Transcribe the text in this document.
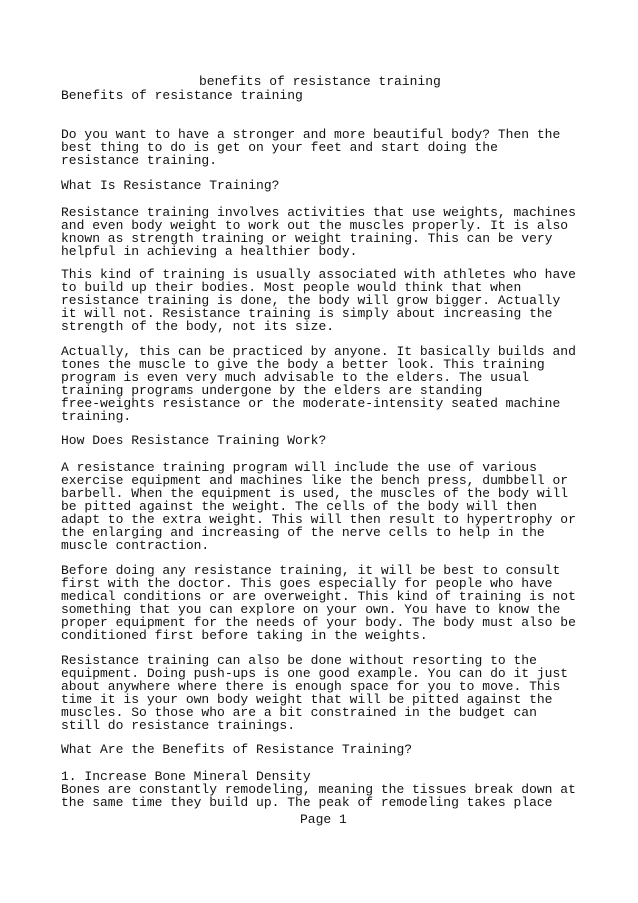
benefits of resistance training
Benefits of resistance training
Do you want to have a stronger and more beautiful body? Then the
best thing to do is get on your feet and start doing the
resistance training.
What Is Resistance Training?
Resistance training involves activities that use weights, machines
and even body weight to work out the muscles properly. It is also
known as strength training or weight training. This can be very
helpful in achieving a healthier body.
This kind of training is usually associated with athletes who have
to build up their bodies. Most people would think that when
resistance training is done, the body will grow bigger. Actually
it will not. Resistance training is simply about increasing the
strength of the body, not its size.
Actually, this can be practiced by anyone. It basically builds and
tones the muscle to give the body a better look. This training
program is even very much advisable to the elders. The usual
training programs undergone by the elders are standing
free-weights resistance or the moderate-intensity seated machine
training.
How Does Resistance Training Work?
A resistance training program will include the use of various
exercise equipment and machines like the bench press, dumbbell or
barbell. When the equipment is used, the muscles of the body will
be pitted against the weight. The cells of the body will then
adapt to the extra weight. This will then result to hypertrophy or
the enlarging and increasing of the nerve cells to help in the
muscle contraction.
Before doing any resistance training, it will be best to consult
first with the doctor. This goes especially for people who have
medical conditions or are overweight. This kind of training is not
something that you can explore on your own. You have to know the
proper equipment for the needs of your body. The body must also be
conditioned first before taking in the weights.
Resistance training can also be done without resorting to the
equipment. Doing push-ups is one good example. You can do it just
about anywhere where there is enough space for you to move. This
time it is your own body weight that will be pitted against the
muscles. So those who are a bit constrained in the budget can
still do resistance trainings.
What Are the Benefits of Resistance Training?
1. Increase Bone Mineral Density
Bones are constantly remodeling, meaning the tissues break down at
the same time they build up. The peak of remodeling takes place
Page 1
